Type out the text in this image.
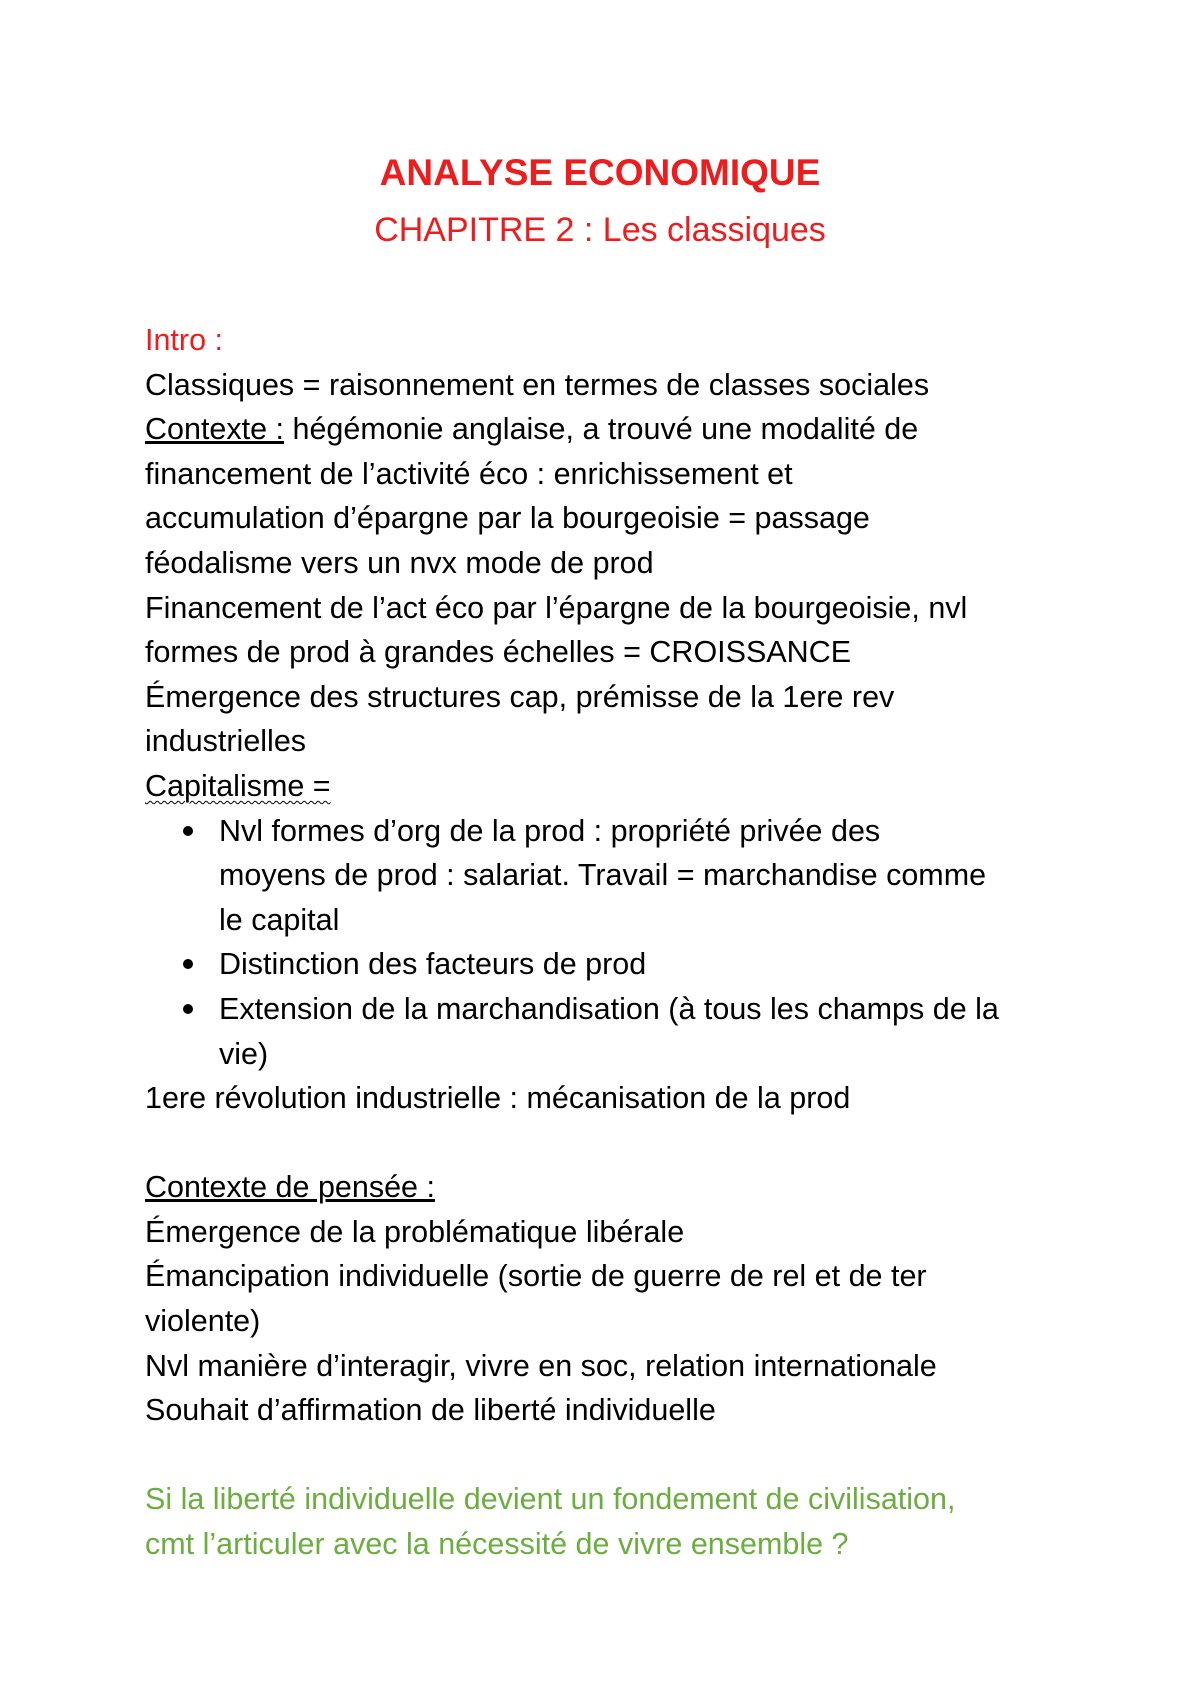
ANALYSE ECONOMIQUE
CHAPITRE 2 : Les classiques
Intro :
Classiques = raisonnement en termes de classes sociales
Contexte : hégémonie anglaise, a trouvé une modalité de
financement de l’activité éco : enrichissement et
accumulation d’épargne par la bourgeoisie = passage
féodalisme vers un nvx mode de prod
Financement de l’act éco par l’épargne de la bourgeoisie, nvl
formes de prod à grandes échelles = CROISSANCE
Émergence des structures cap, prémisse de la 1ere rev
industrielles
Capitalisme =
Nvl formes d’org de la prod : propriété privée des
moyens de prod : salariat. Travail = marchandise comme
le capital
Distinction des facteurs de prod
Extension de la marchandisation (à tous les champs de la
vie)
1ere révolution industrielle : mécanisation de la prod
Contexte de pensée :
Émergence de la problématique libérale
Émancipation individuelle (sortie de guerre de rel et de ter
violente)
Nvl manière d’interagir, vivre en soc, relation internationale
Souhait d’affirmation de liberté individuelle
Si la liberté individuelle devient un fondement de civilisation,
cmt l’articuler avec la nécessité de vivre ensemble ?
